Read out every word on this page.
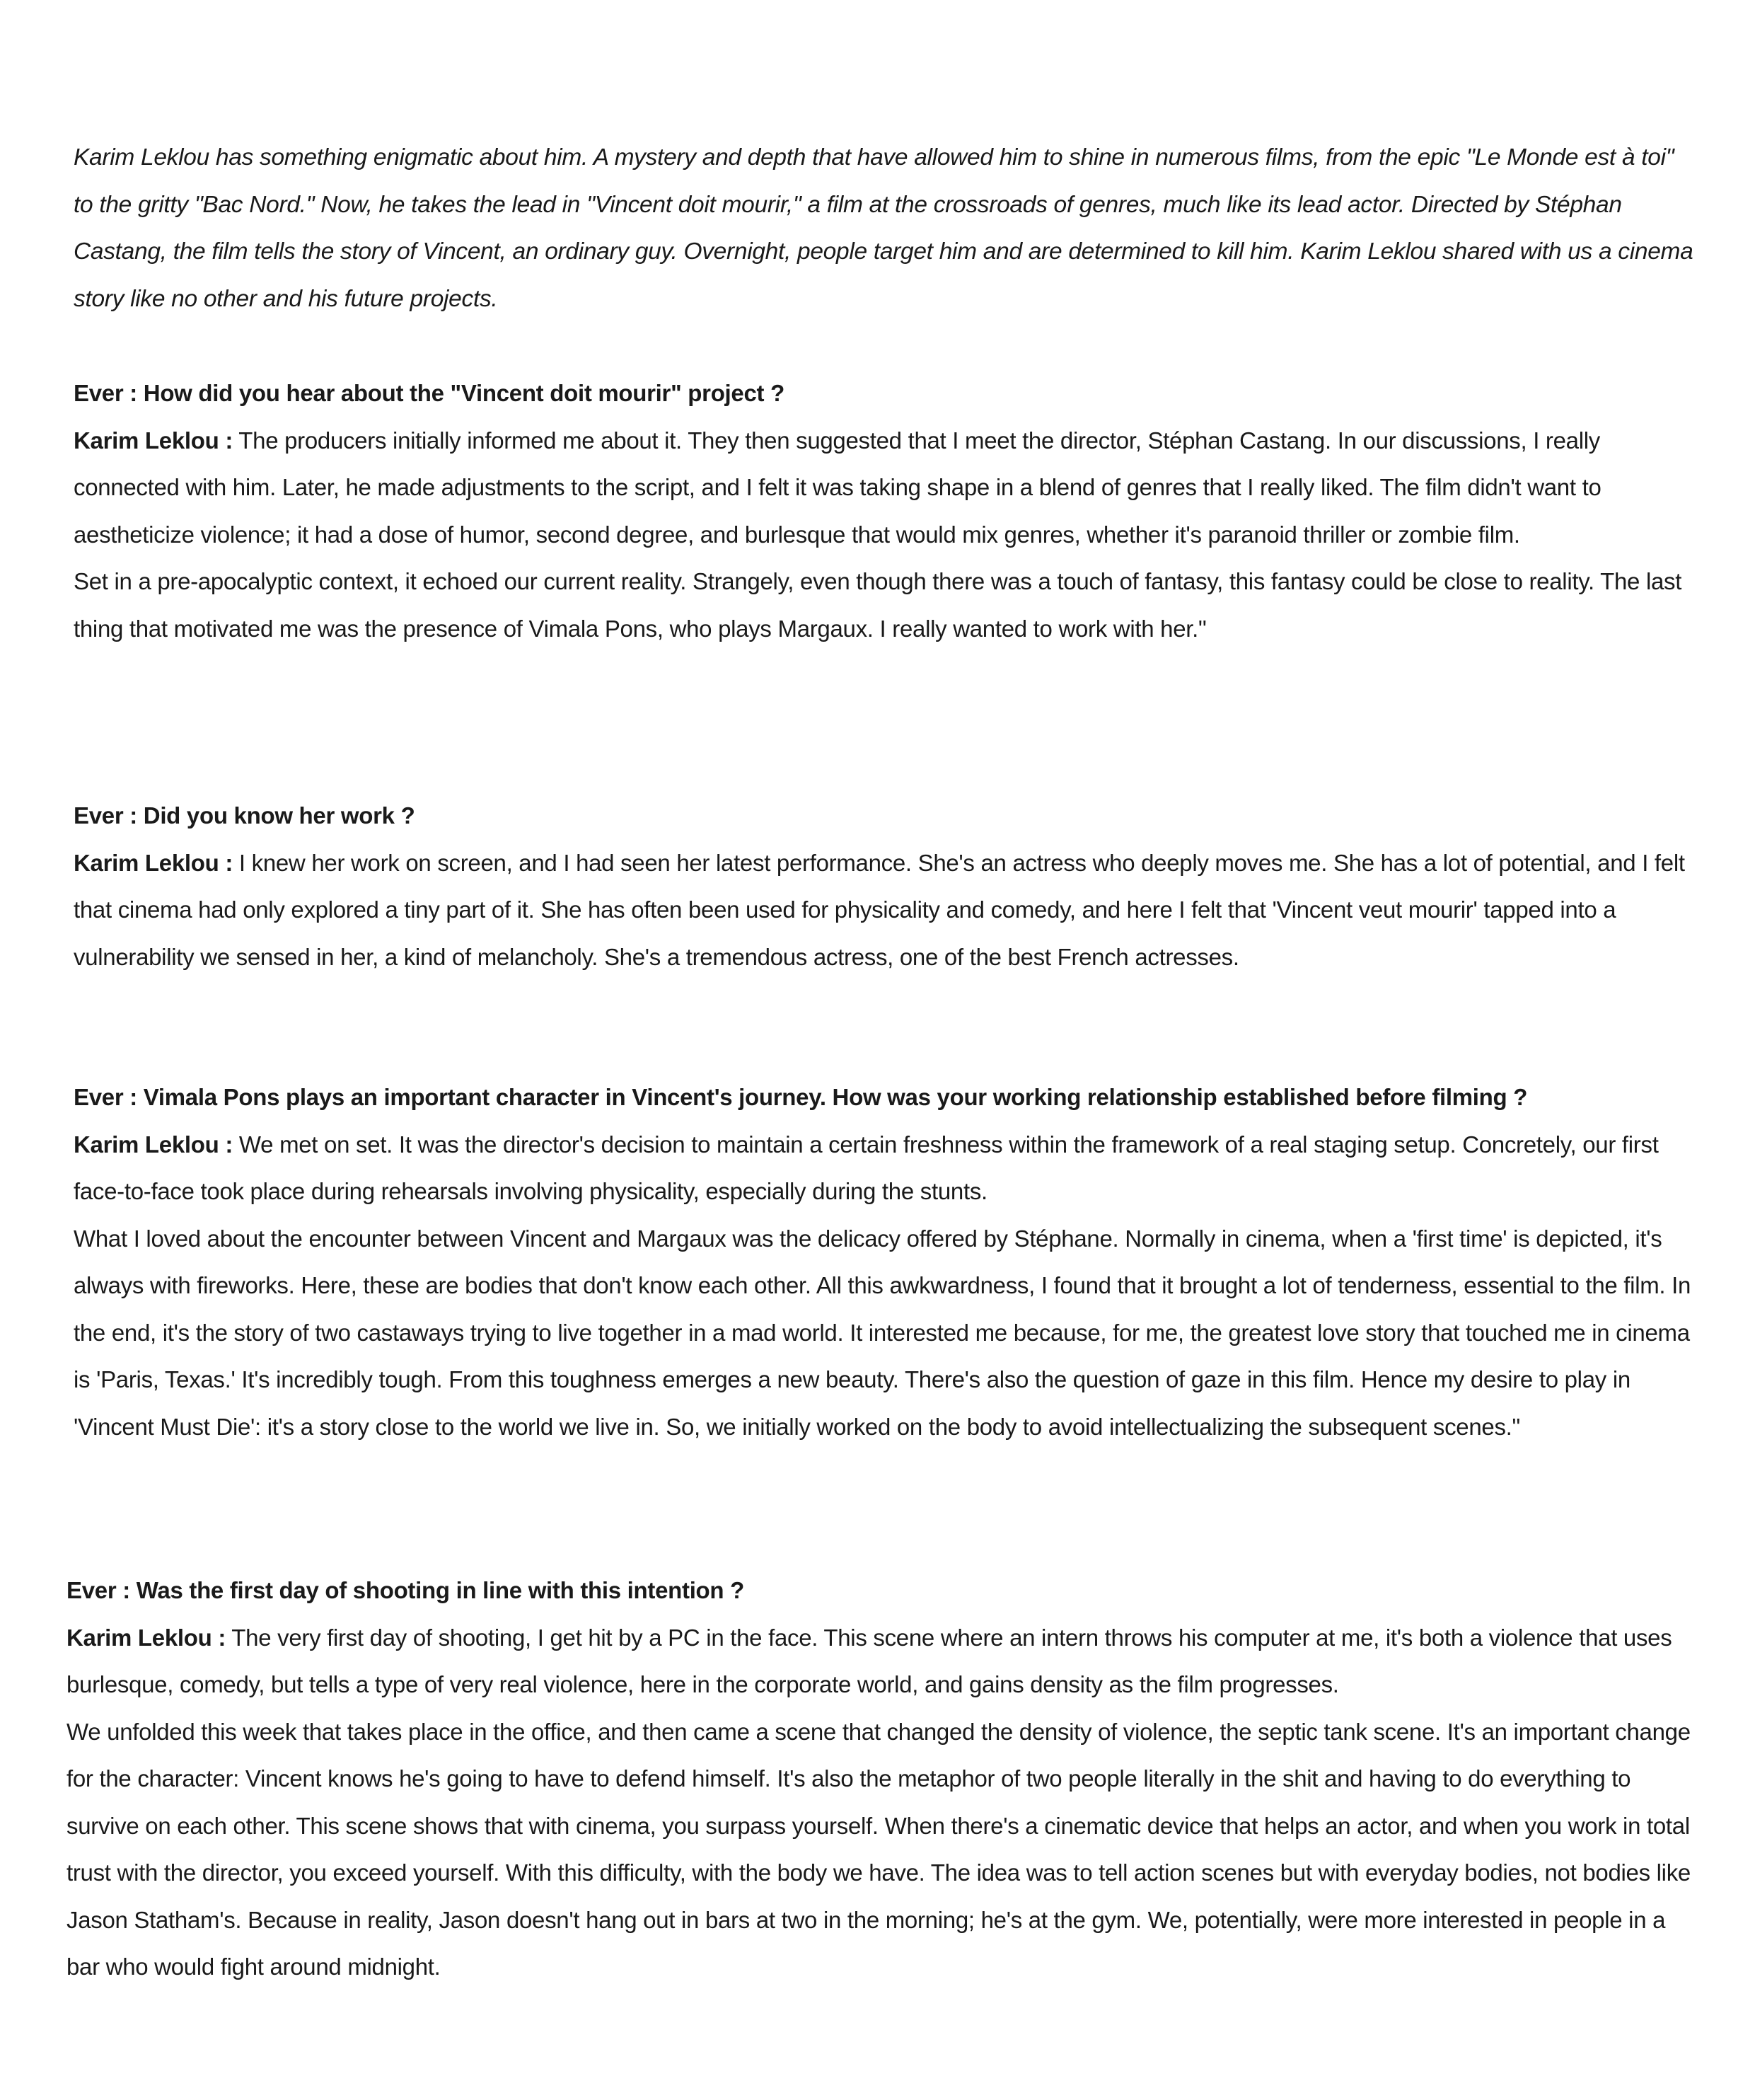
Karim Leklou has something enigmatic about him. A mystery and depth that have allowed him to shine in numerous films, from the epic "Le Monde est à toi" to the gritty "Bac Nord." Now, he takes the lead in "Vincent doit mourir," a film at the crossroads of genres, much like its lead actor. Directed by Stéphan Castang, the film tells the story of Vincent, an ordinary guy. Overnight, people target him and are determined to kill him. Karim Leklou shared with us a cinema story like no other and his future projects.

Ever : How did you hear about the "Vincent doit mourir" project ?
Karim Leklou : The producers initially informed me about it. They then suggested that I meet the director, Stéphan Castang. In our discussions, I really connected with him. Later, he made adjustments to the script, and I felt it was taking shape in a blend of genres that I really liked. The film didn't want to aestheticize violence; it had a dose of humor, second degree, and burlesque that would mix genres, whether it's paranoid thriller or zombie film.
Set in a pre-apocalyptic context, it echoed our current reality. Strangely, even though there was a touch of fantasy, this fantasy could be close to reality. The last thing that motivated me was the presence of Vimala Pons, who plays Margaux. I really wanted to work with her."
Ever : Did you know her work ?
Karim Leklou : I knew her work on screen, and I had seen her latest performance. She's an actress who deeply moves me. She has a lot of potential, and I felt that cinema had only explored a tiny part of it. She has often been used for physicality and comedy, and here I felt that 'Vincent veut mourir' tapped into a vulnerability we sensed in her, a kind of melancholy. She's a tremendous actress, one of the best French actresses.
Ever : Vimala Pons plays an important character in Vincent's journey. How was your working relationship established before filming ?
Karim Leklou : We met on set. It was the director's decision to maintain a certain freshness within the framework of a real staging setup. Concretely, our first face-to-face took place during rehearsals involving physicality, especially during the stunts.
What I loved about the encounter between Vincent and Margaux was the delicacy offered by Stéphane. Normally in cinema, when a 'first time' is depicted, it's always with fireworks. Here, these are bodies that don't know each other. All this awkwardness, I found that it brought a lot of tenderness, essential to the film. In the end, it's the story of two castaways trying to live together in a mad world. It interested me because, for me, the greatest love story that touched me in cinema is 'Paris, Texas.' It's incredibly tough. From this toughness emerges a new beauty. There's also the question of gaze in this film. Hence my desire to play in 'Vincent Must Die': it's a story close to the world we live in. So, we initially worked on the body to avoid intellectualizing the subsequent scenes."
Ever : Was the first day of shooting in line with this intention ?
Karim Leklou : The very first day of shooting, I get hit by a PC in the face. This scene where an intern throws his computer at me, it's both a violence that uses burlesque, comedy, but tells a type of very real violence, here in the corporate world, and gains density as the film progresses.
We unfolded this week that takes place in the office, and then came a scene that changed the density of violence, the septic tank scene. It's an important change for the character: Vincent knows he's going to have to defend himself. It's also the metaphor of two people literally in the shit and having to do everything to survive on each other. This scene shows that with cinema, you surpass yourself. When there's a cinematic device that helps an actor, and when you work in total trust with the director, you exceed yourself. With this difficulty, with the body we have. The idea was to tell action scenes but with everyday bodies, not bodies like Jason Statham's. Because in reality, Jason doesn't hang out in bars at two in the morning; he's at the gym. We, potentially, were more interested in people in a bar who would fight around midnight.
